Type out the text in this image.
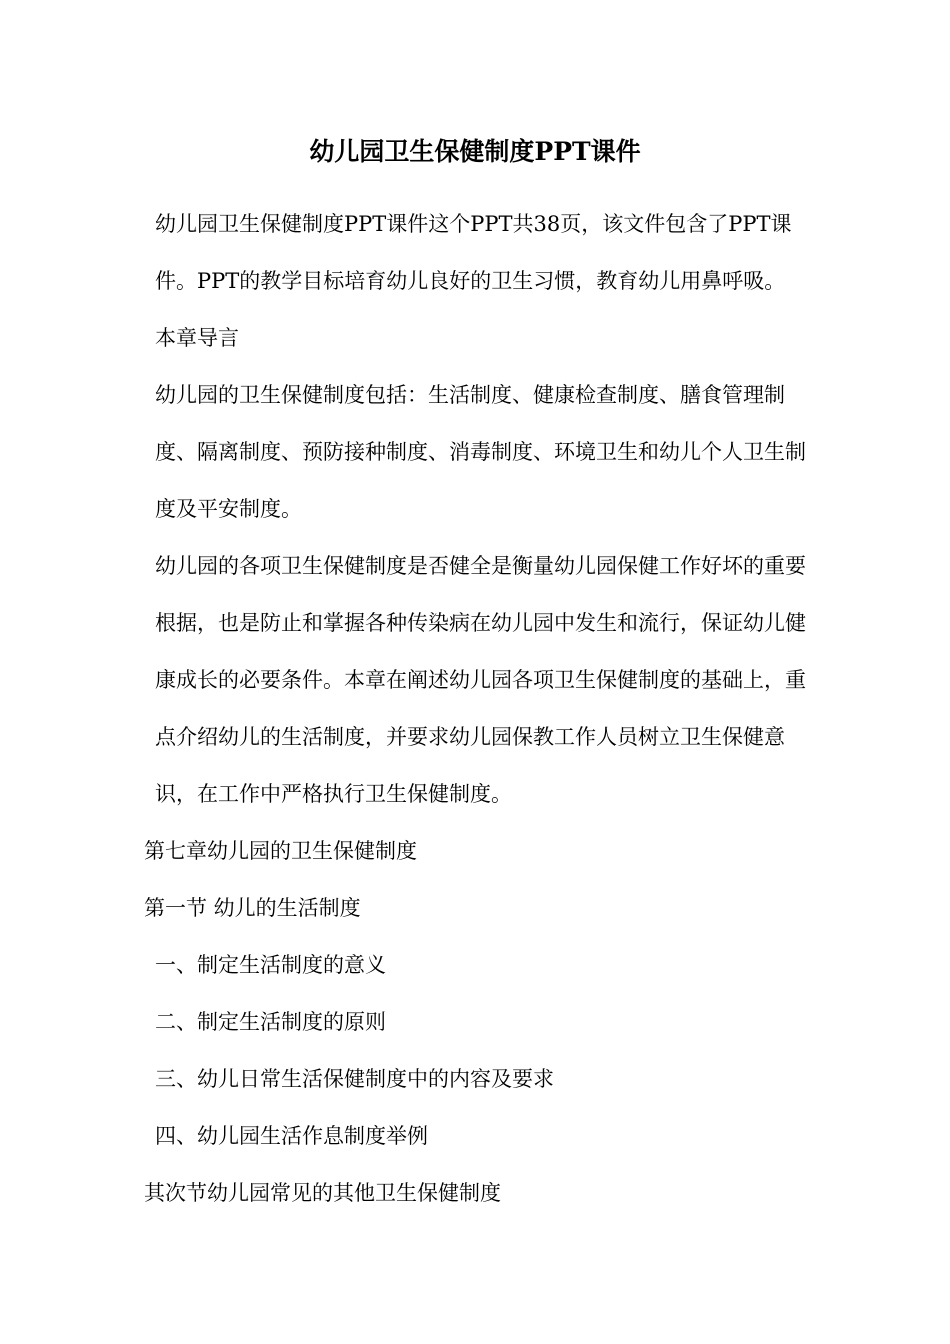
幼儿园卫生保健制度PPT课件

幼儿园卫生保健制度PPT课件这个PPT共38页，该文件包含了PPT课件。PPT的教学目标培育幼儿良好的卫生习惯，教育幼儿用鼻呼吸。 本章导言

幼儿园的卫生保健制度包括：生活制度、健康检查制度、膳食管理制度、隔离制度、预防接种制度、消毒制度、环境卫生和幼儿个人卫生制度及平安制度。

幼儿园的各项卫生保健制度是否健全是衡量幼儿园保健工作好坏的重要根据，也是防止和掌握各种传染病在幼儿园中发生和流行，保证幼儿健康成长的必要条件。本章在阐述幼儿园各项卫生保健制度的基础上，重点介绍幼儿的生活制度，并要求幼儿园保教工作人员树立卫生保健意识，在工作中严格执行卫生保健制度。

第七章幼儿园的卫生保健制度

第一节 幼儿的生活制度

一、制定生活制度的意义

二、制定生活制度的原则

三、幼儿日常生活保健制度中的内容及要求

四、幼儿园生活作息制度举例

其次节幼儿园常见的其他卫生保健制度
